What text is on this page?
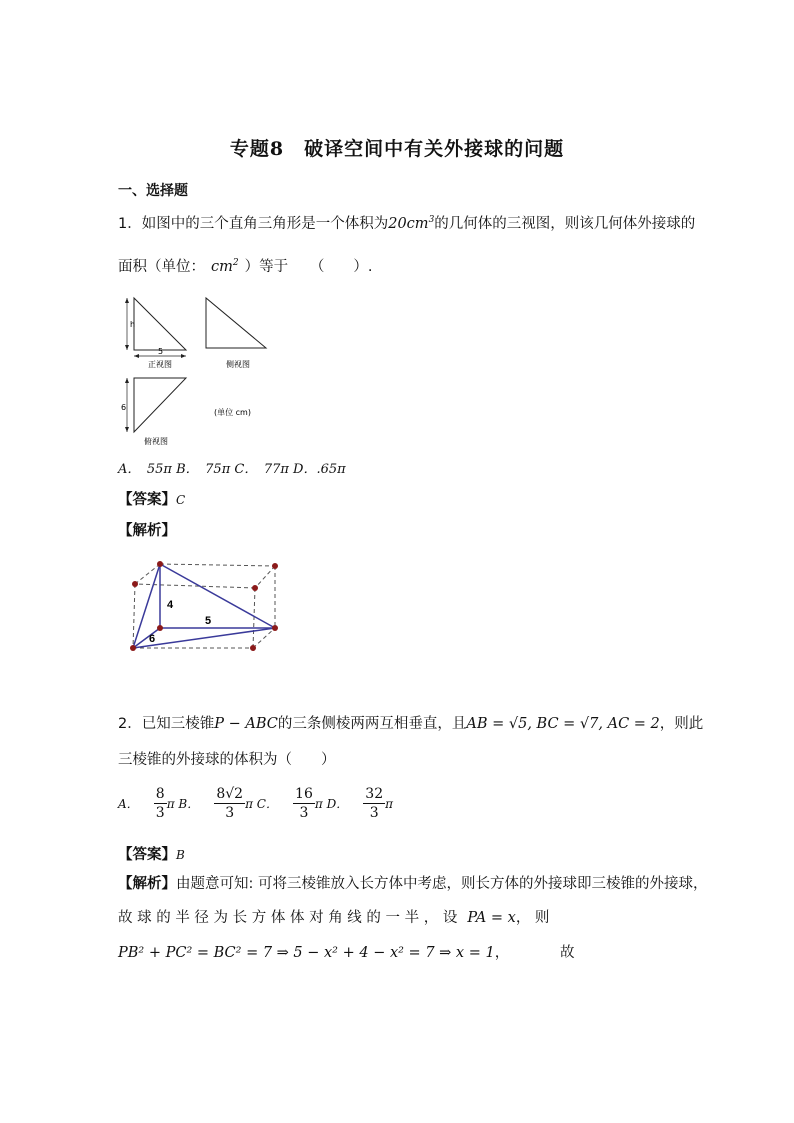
专题8　破译空间中有关外接球的问题
一、选择题
1．如图中的三个直角三角形是一个体积为$20cm^3$的几何体的三视图，则该几何体外接球的
面积（单位： $cm^2$ ）等于　　（　　）.
h
5
正视图	侧视图
6
俯视图
(单位 cm)
A．　55π B．　75π C．　77π D．.65π
【答案】C
【解析】
4
5
6
2．已知三棱锥P − ABC的三条侧棱两两互相垂直，且AB = √5, BC = √7, AC = 2，则此
三棱锥的外接球的体积为（　　）
A． $\frac{8}{3}$ π B． $\frac{8√2}{3}$ π C． $\frac{16}{3}$ π D． $\frac{32}{3}$ π
【答案】B
【解析】由题意可知: 可将三棱锥放入长方体中考虑，则长方体的外接球即三棱锥的外接球，
故 球 的 半 径 为 长 方 体 体 对 角 线 的 一 半 ， 设 PA = x， 则
PB² + PC² = BC² = 7 ⇒ 5 − x² + 4 − x² = 7 ⇒ x = 1，	故
